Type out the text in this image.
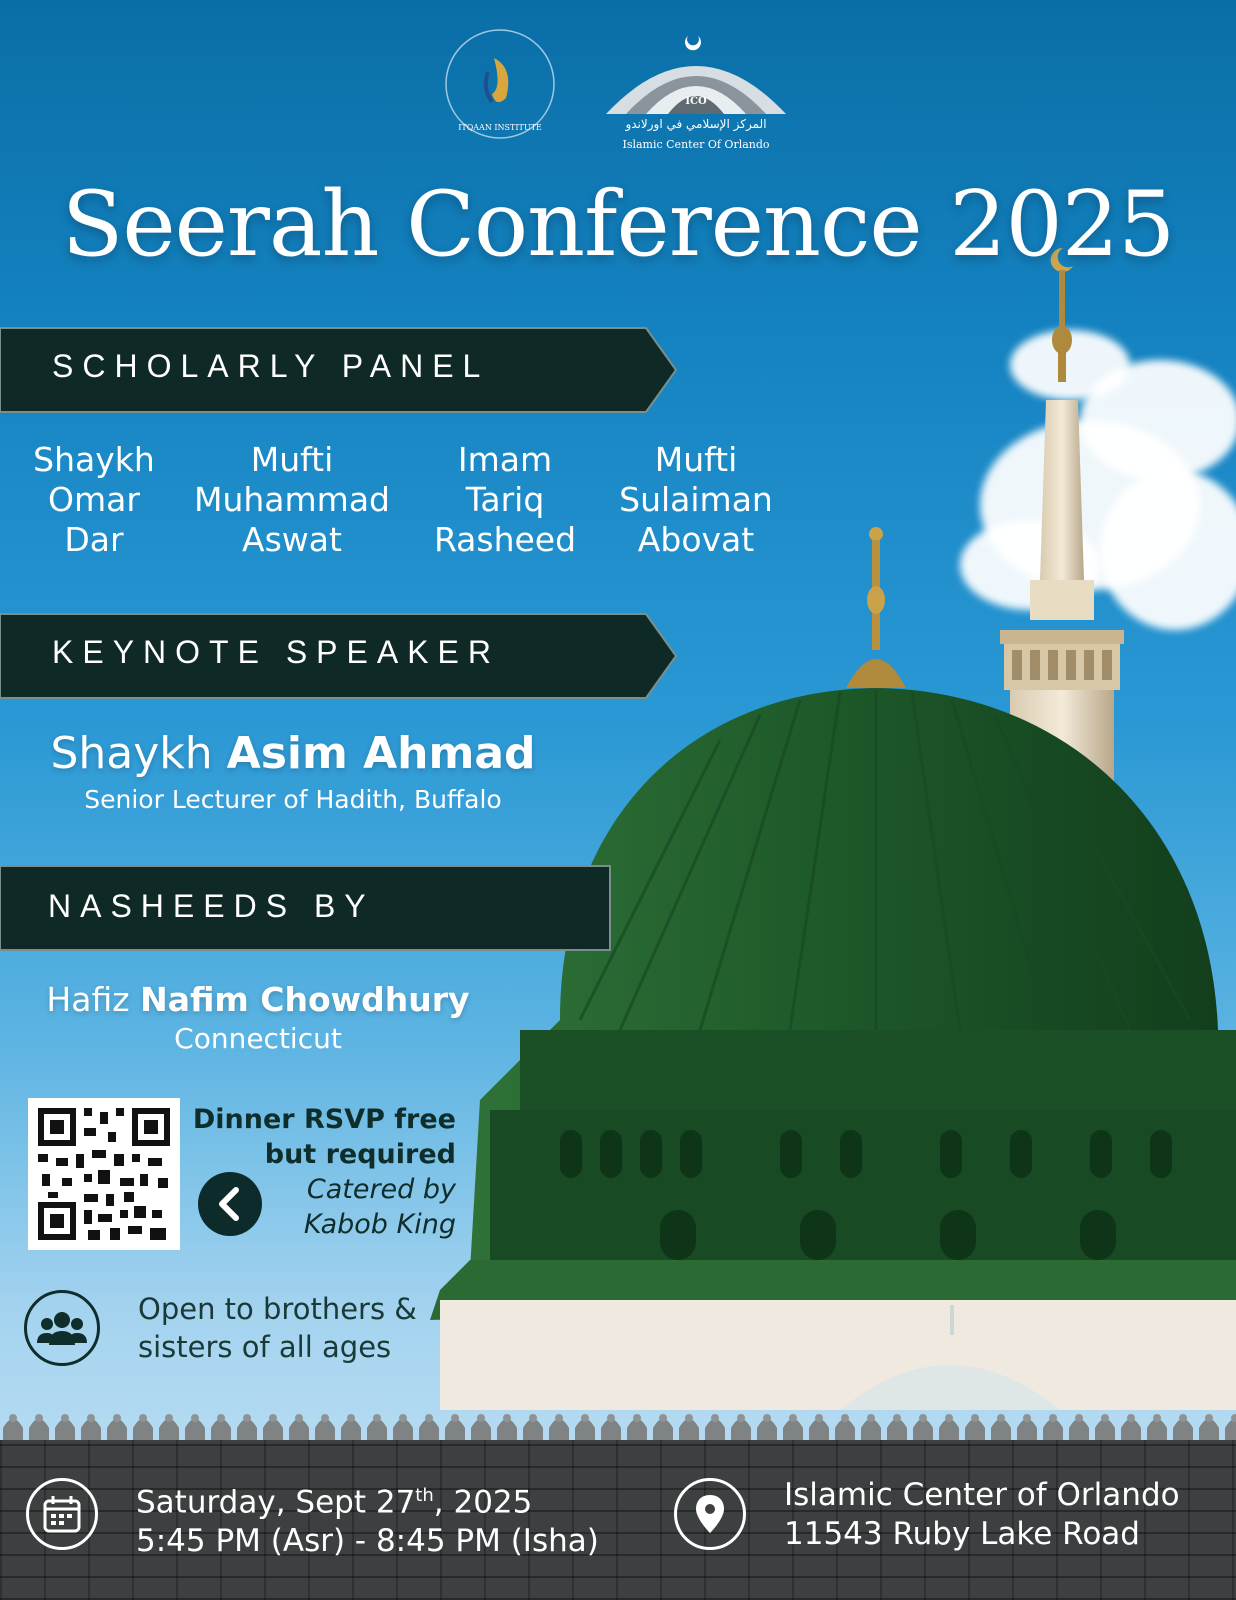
ITQAAN INSTITUTE
ICO
المركز الإسلامي في اورلاندو
Islamic Center Of Orlando
Seerah Conference 2025
SCHOLARLY PANEL
Shaykh
Omar
Dar
Mufti
Muhammad
Aswat
Imam
Tariq
Rasheed
Mufti
Sulaiman
Abovat
KEYNOTE SPEAKER
Shaykh Asim Ahmad
Senior Lecturer of Hadith, Buffalo
NASHEEDS BY
Hafiz Nafim Chowdhury
Connecticut
Dinner RSVP free
but required
Catered by
Kabob King
Open to brothers &
sisters of all ages
Saturday, Sept 27th, 2025
5:45 PM (Asr) - 8:45 PM (Isha)
Islamic Center of Orlando
11543 Ruby Lake Road
